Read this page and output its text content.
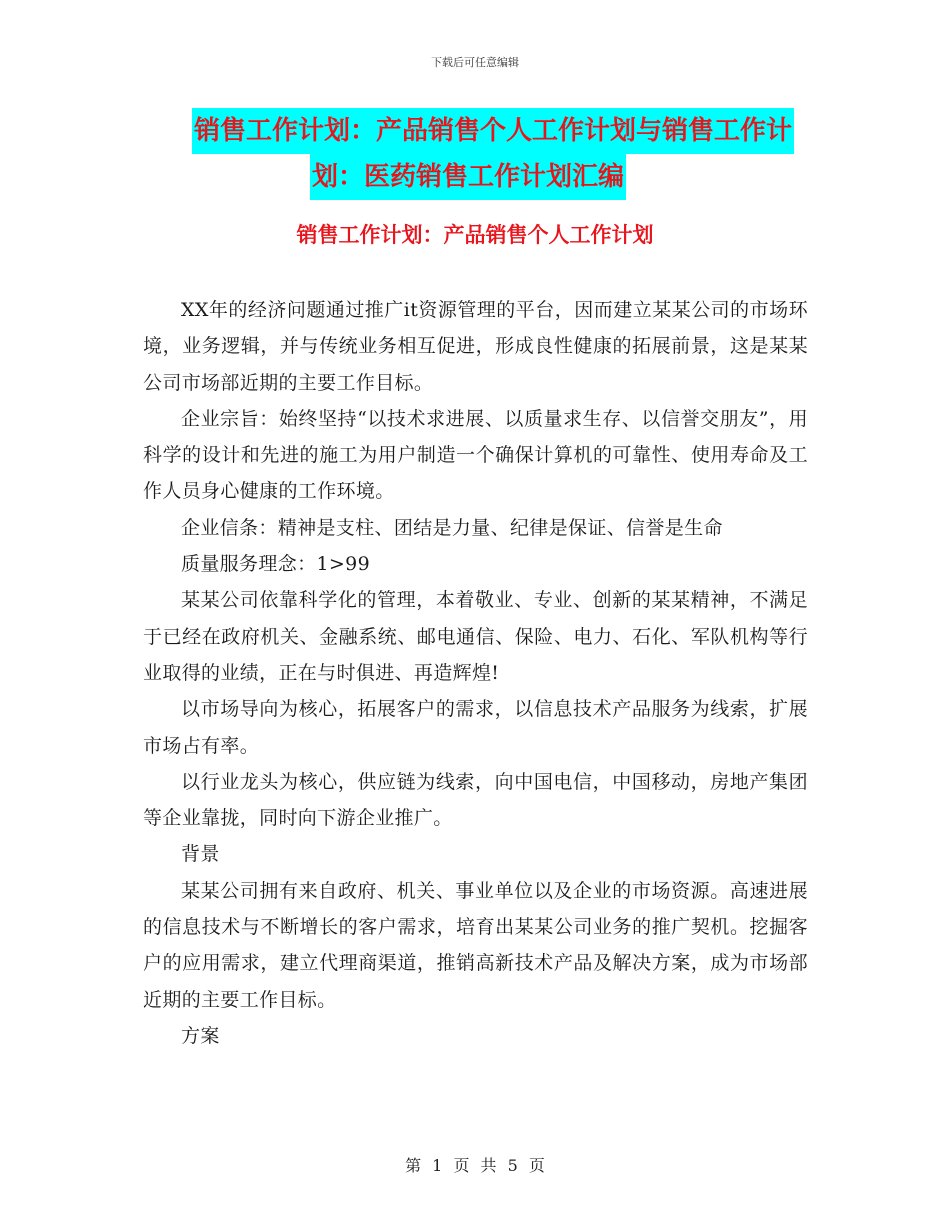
下载后可任意编辑
销售工作计划：产品销售个人工作计划与销售工作计
划：医药销售工作计划汇编
销售工作计划：产品销售个人工作计划

XX年的经济问题通过推广it资源管理的平台，因而建立某某公司的市场环境，业务逻辑，并与传统业务相互促进，形成良性健康的拓展前景，这是某某公司市场部近期的主要工作目标。

企业宗旨：始终坚持“以技术求进展、以质量求生存、以信誉交朋友”，用科学的设计和先进的施工为用户制造一个确保计算机的可靠性、使用寿命及工作人员身心健康的工作环境。

企业信条：精神是支柱、团结是力量、纪律是保证、信誉是生命

质量服务理念：1>99

某某公司依靠科学化的管理，本着敬业、专业、创新的某某精神，不满足于已经在政府机关、金融系统、邮电通信、保险、电力、石化、军队机构等行业取得的业绩，正在与时俱进、再造辉煌!

以市场导向为核心，拓展客户的需求，以信息技术产品服务为线索，扩展市场占有率。

以行业龙头为核心，供应链为线索，向中国电信，中国移动，房地产集团等企业靠拢，同时向下游企业推广。

背景

某某公司拥有来自政府、机关、事业单位以及企业的市场资源。高速进展的信息技术与不断增长的客户需求，培育出某某公司业务的推广契机。挖掘客户的应用需求，建立代理商渠道，推销高新技术产品及解决方案，成为市场部近期的主要工作目标。

方案

第 1 页 共 5 页
